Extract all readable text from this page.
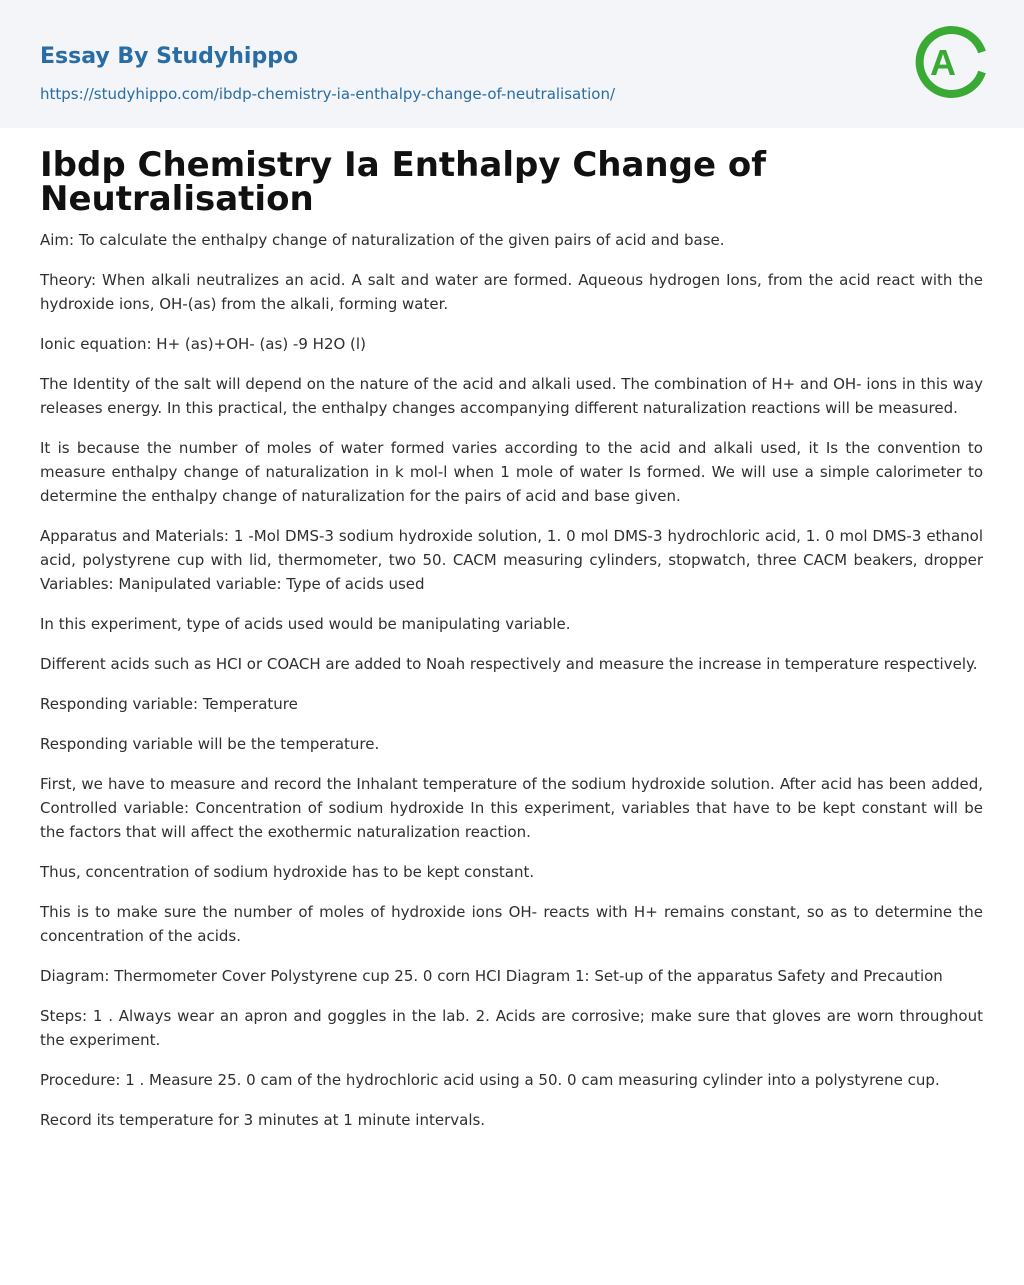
Essay By Studyhippo
https://studyhippo.com/ibdp-chemistry-ia-enthalpy-change-of-neutralisation/
A
Ibdp Chemistry Ia Enthalpy Change of Neutralisation

Aim: To calculate the enthalpy change of naturalization of the given pairs of acid and base.

Theory: When alkali neutralizes an acid. A salt and water are formed. Aqueous hydrogen Ions, from the acid react with the hydroxide ions, OH-(as) from the alkali, forming water.

Ionic equation: H+ (as)+OH- (as) -9 H2O (l)

The Identity of the salt will depend on the nature of the acid and alkali used. The combination of H+ and OH- ions in this way releases energy. In this practical, the enthalpy changes accompanying different naturalization reactions will be measured.

It is because the number of moles of water formed varies according to the acid and alkali used, it Is the convention to measure enthalpy change of naturalization in k mol-l when 1 mole of water Is formed. We will use a simple calorimeter to determine the enthalpy change of naturalization for the pairs of acid and base given.

Apparatus and Materials: 1 -Mol DMS-3 sodium hydroxide solution, 1. 0 mol DMS-3 hydrochloric acid, 1. 0 mol DMS-3 ethanol acid, polystyrene cup with lid, thermometer, two 50. CACM measuring cylinders, stopwatch, three CACM beakers, dropper Variables: Manipulated variable: Type of acids used

In this experiment, type of acids used would be manipulating variable.

Different acids such as HCI or COACH are added to Noah respectively and measure the increase in temperature respectively.

Responding variable: Temperature

Responding variable will be the temperature.

First, we have to measure and record the Inhalant temperature of the sodium hydroxide solution. After acid has been added, Controlled variable: Concentration of sodium hydroxide In this experiment, variables that have to be kept constant will be the factors that will affect the exothermic naturalization reaction.

Thus, concentration of sodium hydroxide has to be kept constant.

This is to make sure the number of moles of hydroxide ions OH- reacts with H+ remains constant, so as to determine the concentration of the acids.

Diagram: Thermometer Cover Polystyrene cup 25. 0 corn HCI Diagram 1: Set-up of the apparatus Safety and Precaution

Steps: 1 . Always wear an apron and goggles in the lab. 2. Acids are corrosive; make sure that gloves are worn throughout the experiment.

Procedure: 1 . Measure 25. 0 cam of the hydrochloric acid using a 50. 0 cam measuring cylinder into a polystyrene cup.

Record its temperature for 3 minutes at 1 minute intervals.
